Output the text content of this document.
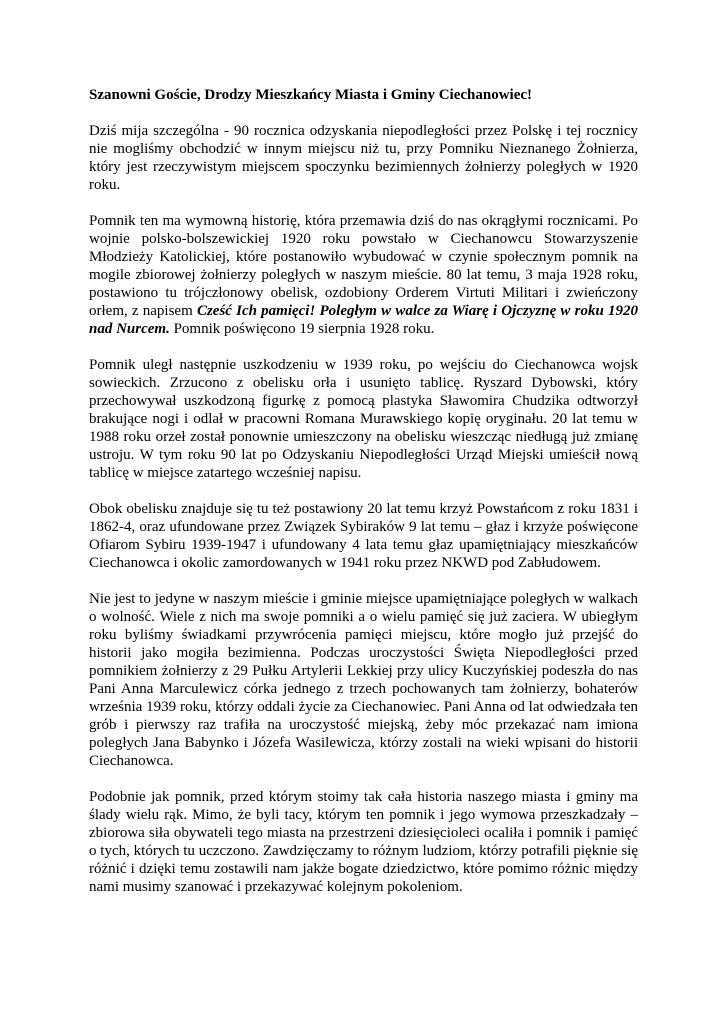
Szanowni Goście, Drodzy Mieszkańcy Miasta i Gminy Ciechanowiec!

Dziś mija szczególna - 90 rocznica odzyskania niepodległości przez Polskę i tej rocznicy nie mogliśmy obchodzić w innym miejscu niż tu, przy Pomniku Nieznanego Żołnierza, który jest rzeczywistym miejscem spoczynku bezimiennych żołnierzy poległych w 1920 roku.

Pomnik ten ma wymowną historię, która przemawia dziś do nas okrągłymi rocznicami. Po wojnie polsko-bolszewickiej 1920 roku powstało w Ciechanowcu Stowarzyszenie Młodzieży Katolickiej, które postanowiło wybudować w czynie społecznym pomnik na mogile zbiorowej żołnierzy poległych w naszym mieście. 80 lat temu, 3 maja 1928 roku, postawiono tu trójczłonowy obelisk, ozdobiony Orderem Virtuti Militari i zwieńczony orłem, z napisem Cześć Ich pamięci! Poległym w walce za Wiarę i Ojczyznę w roku 1920 nad Nurcem. Pomnik poświęcono 19 sierpnia 1928 roku.

Pomnik uległ następnie uszkodzeniu w 1939 roku, po wejściu do Ciechanowca wojsk sowieckich. Zrzucono z obelisku orła i usunięto tablicę. Ryszard Dybowski, który przechowywał uszkodzoną figurkę z pomocą plastyka Sławomira Chudzika odtworzył brakujące nogi i odlał w pracowni Romana Murawskiego kopię oryginału. 20 lat temu w 1988 roku orzeł został ponownie umieszczony na obelisku wieszcząc niedługą już zmianę ustroju. W tym roku 90 lat po Odzyskaniu Niepodległości Urząd Miejski umieścił nową tablicę w miejsce zatartego wcześniej napisu.

Obok obelisku znajduje się tu też postawiony 20 lat temu krzyż Powstańcom z roku 1831 i 1862-4, oraz ufundowane przez Związek Sybiraków 9 lat temu – głaz i krzyże poświęcone Ofiarom Sybiru 1939-1947 i ufundowany 4 lata temu głaz upamiętniający mieszkańców Ciechanowca i okolic zamordowanych w 1941 roku przez NKWD pod Zabłudowem.

Nie jest to jedyne w naszym mieście i gminie miejsce upamiętniające poległych w walkach o wolność. Wiele z nich ma swoje pomniki a o wielu pamięć się już zaciera. W ubiegłym roku byliśmy świadkami przywrócenia pamięci miejscu, które mogło już przejść do historii jako mogiła bezimienna. Podczas uroczystości Święta Niepodległości przed pomnikiem żołnierzy z 29 Pułku Artylerii Lekkiej przy ulicy Kuczyńskiej podeszła do nas Pani Anna Marculewicz córka jednego z trzech pochowanych tam żołnierzy, bohaterów września 1939 roku, którzy oddali życie za Ciechanowiec. Pani Anna od lat odwiedzała ten grób i pierwszy raz trafiła na uroczystość miejską, żeby móc przekazać nam imiona poległych Jana Babynko i Józefa Wasilewicza, którzy zostali na wieki wpisani do historii Ciechanowca.

Podobnie jak pomnik, przed którym stoimy tak cała historia naszego miasta i gminy ma ślady wielu rąk. Mimo, że byli tacy, którym ten pomnik i jego wymowa przeszkadzały – zbiorowa siła obywateli tego miasta na przestrzeni dziesięcioleci ocaliła i pomnik i pamięć o tych, których tu uczczono. Zawdzięczamy to różnym ludziom, którzy potrafili pięknie się różnić i dzięki temu zostawili nam jakże bogate dziedzictwo, które pomimo różnic między nami musimy szanować i przekazywać kolejnym pokoleniom.
